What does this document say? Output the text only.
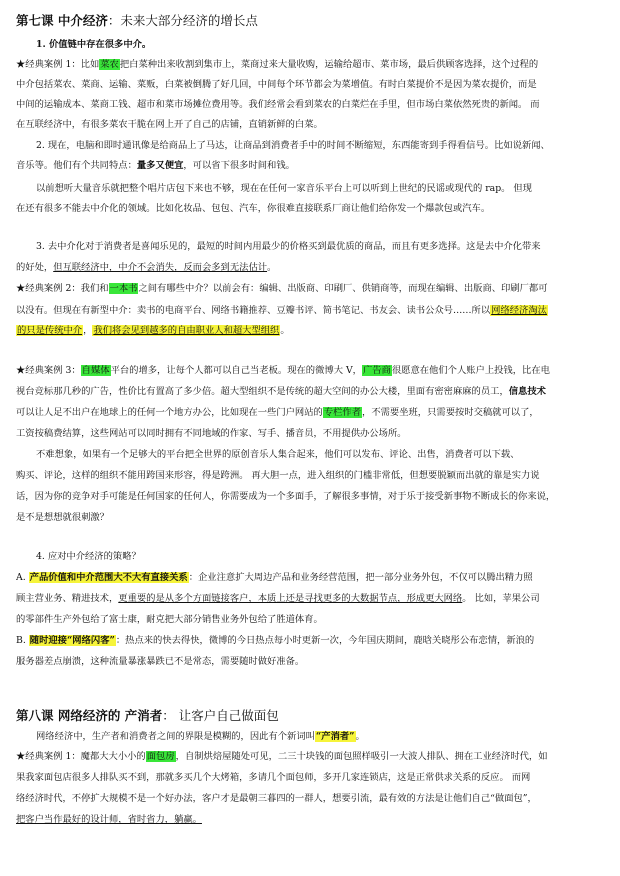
第七课 中介经济：未来大部分经济的增长点
1. 价值链中存在很多中介。
★经典案例 1：比如菜农把白菜种出来收割到集市上，菜商过来大量收购，运输给超市、菜市场，最后供顾客选择，这个过程的
中介包括菜农、菜商、运输、菜贩，白菜被倒腾了好几回，中间每个环节都会为菜增值。有时白菜提价不是因为菜农提价，而是
中间的运输成本、菜商工钱、超市和菜市场摊位费用等。我们经常会看到菜农的白菜烂在手里，但市场白菜依然死贵的新闻。 而
在互联经济中，有很多菜农干脆在网上开了自己的店铺，直销新鲜的白菜。
2. 现在，电脑和即时通讯像是给商品上了马达，让商品到消费者手中的时间不断缩短，东西能寄到手得看信号。比如说新闻、
音乐等。他们有个共同特点：量多又便宜，可以省下很多时间和钱。
以前想听大量音乐就把整个唱片店包下来也不够，现在在任何一家音乐平台上可以听到上世纪的民谣或现代的 rap。 但现
在还有很多不能去中介化的领域。比如化妆品、包包、汽车，你很难直接联系厂商让他们给你发一个爆款包或汽车。
3. 去中介化对于消费者是喜闻乐见的，最短的时间内用最少的价格买到最优质的商品，而且有更多选择。这是去中介化带来
的好处，但互联经济中，中介不会消失，反而会多到无法估计。
★经典案例 2：我们和一本书之间有哪些中介？以前会有：编辑、出版商、印刷厂、供销商等，而现在编辑、出版商、印刷厂都可
以没有。但现在有新型中介：卖书的电商平台、网络书籍推荐、豆瓣书评、简书笔记、书友会、读书公众号……所以网络经济淘汰
的只是传统中介，我们将会见到越多的自由职业人和超大型组织。
★经典案例 3：自媒体平台的增多，让每个人都可以自己当老板。现在的微博大 V，广告商很愿意在他们个人账户上投钱，比在电
视台竞标那几秒的广告，性价比有置高了多少倍。超大型组织不是传统的超大空间的办公大楼，里面有密密麻麻的员工，信息技术
可以让人足不出户在地球上的任何一个地方办公，比如现在一些门户网站的专栏作者，不需要坐班，只需要按时交稿就可以了，
工资按稿费结算，这些网站可以同时拥有不同地域的作家、写手、播音员，不用提供办公场所。
不难想象，如果有一个足够大的平台把全世界的原创音乐人集合起来，他们可以发布、评论、出售，消费者可以下载、
购买、评论，这样的组织不能用跨国来形容，得是跨洲。 再大胆一点，进入组织的门槛非常低，但想要脱颖而出就的靠是实力说
话，因为你的竞争对手可能是任何国家的任何人，你需要成为一个多面手，了解很多事情，对于乐于接受新事物不断成长的你来说，
是不是想想就很刺激？
4. 应对中介经济的策略？
A. 产品价值和中介范围大不大有直接关系：企业注意扩大周边产品和业务经营范围，把一部分业务外包，不仅可以腾出精力照
顾主营业务、精进技术，更重要的是从多个方面链接客户，本质上还是寻找更多的大数据节点，形成更大网络。 比如，苹果公司
的零部件生产外包给了富士康，耐克把大部分销售业务外包给了胜道体育。
B. 随时迎接“网络闪客”：热点来的快去得快，微博的今日热点每小时更新一次，今年国庆期间，鹿晗关晓彤公布恋情，新浪的
服务器差点崩溃，这种流量暴涨暴跌已不是常态，需要随时做好准备。
第八课 网络经济的 产消者： 让客户自己做面包
网络经济中，生产者和消费者之间的界限是模糊的，因此有个新词叫“产消者”。
★经典案例 1：魔都大大小小的面包房，自制烘焙屋随处可见，二三十块钱的面包照样吸引一大波人排队、拥在工业经济时代，如
果我家面包店很多人排队买不到，那就多买几个大烤箱，多请几个面包师，多开几家连锁店，这是正常供求关系的反应。 而网
络经济时代，不停扩大规模不是一个好办法，客户才是最朝三暮四的一群人，想要引流，最有效的方法是让他们自己“做面包”，
把客户当作最好的设计师，省时省力，躺赢。
